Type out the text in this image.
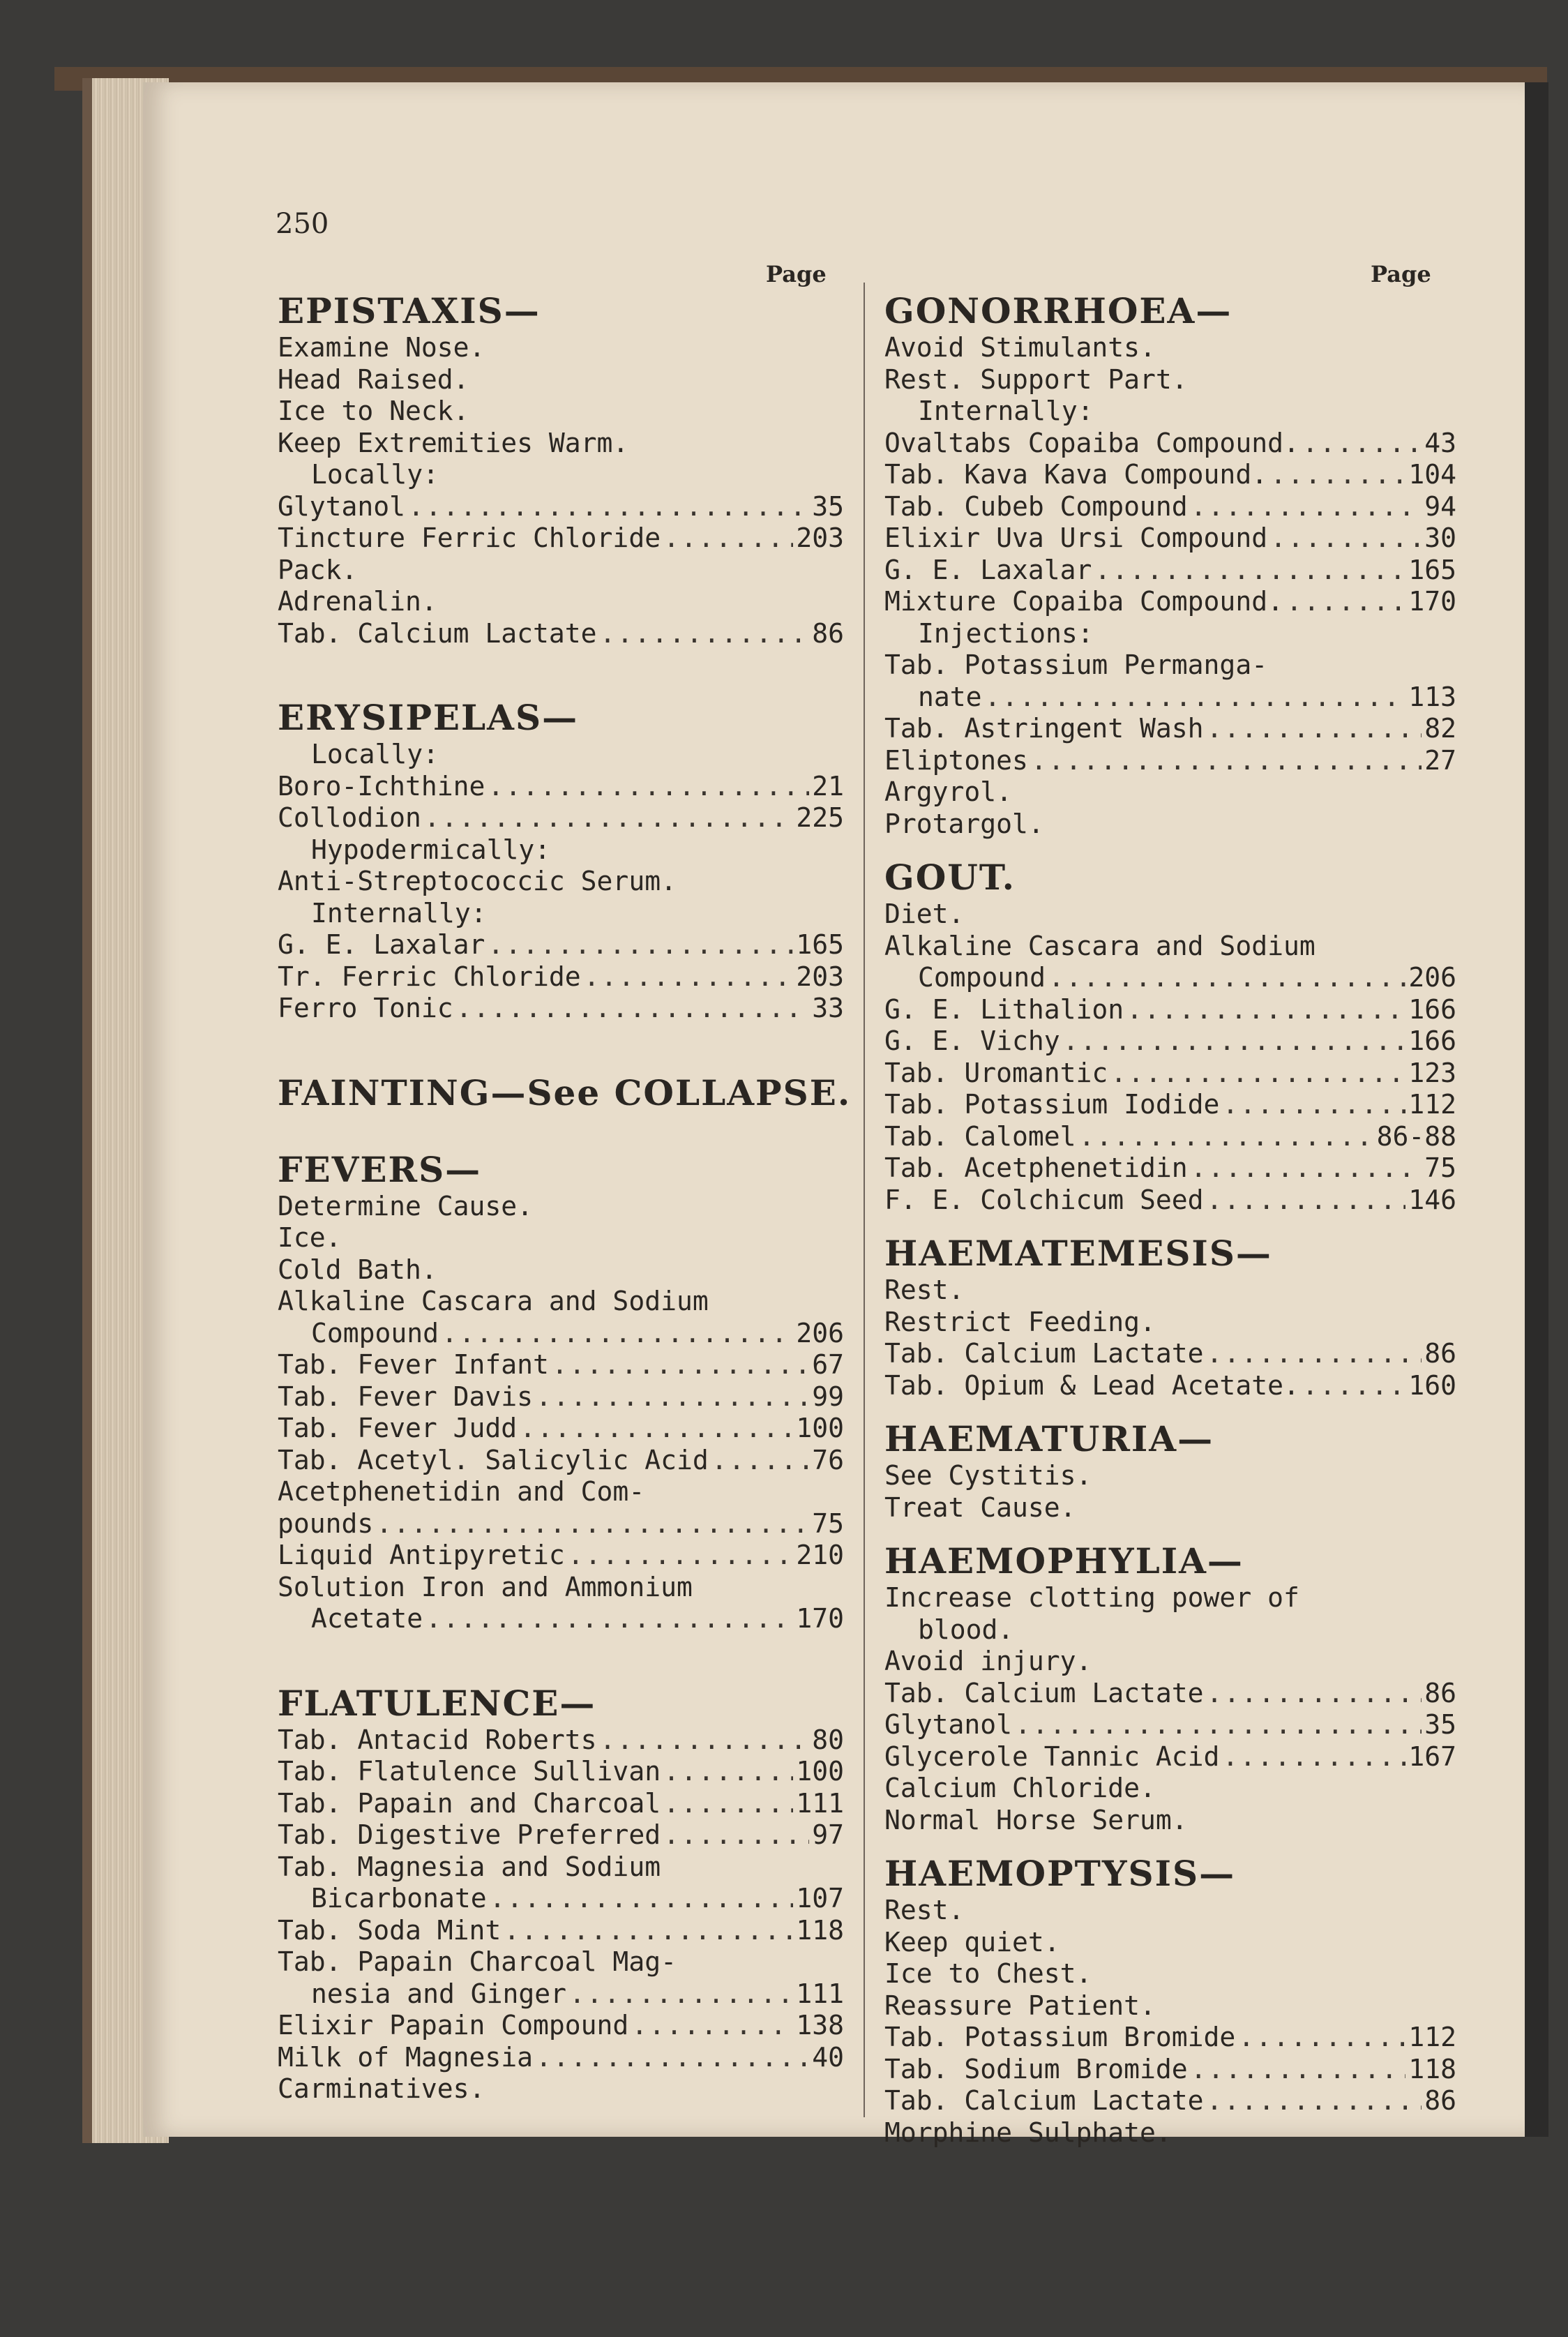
250
Page	Page
EPISTAXIS—
Examine Nose.
Head Raised.
Ice to Neck.
Keep Extremities Warm.
Locally:
Glytanol .....	35
Tincture Ferric Chloride .....	203
Pack.
Adrenalin.
Tab. Calcium Lactate .....	86
ERYSIPELAS—
Locally:
Boro-Ichthine .....	21
Collodion .....	225
Hypodermically:
Anti-Streptococcic Serum.
Internally:
G. E. Laxalar .....	165
Tr. Ferric Chloride .....	203
Ferro Tonic .....	33
FAINTING—See COLLAPSE.
FEVERS—
Determine Cause.
Ice.
Cold Bath.
Alkaline Cascara and Sodium
Compound .....	206
Tab. Fever Infant .....	67
Tab. Fever Davis .....	99
Tab. Fever Judd .....	100
Tab. Acetyl. Salicylic Acid .....	76
Acetphenetidin and Com-
pounds .....	75
Liquid Antipyretic .....	210
Solution Iron and Ammonium
Acetate .....	170
FLATULENCE—
Tab. Antacid Roberts .....	80
Tab. Flatulence Sullivan .....	100
Tab. Papain and Charcoal .....	111
Tab. Digestive Preferred .....	97
Tab. Magnesia and Sodium
Bicarbonate .....	107
Tab. Soda Mint .....	118
Tab. Papain Charcoal Mag-
nesia and Ginger .....	111
Elixir Papain Compound .....	138
Milk of Magnesia .....	40
Carminatives.
GONORRHOEA—
Avoid Stimulants.
Rest. Support Part.
Internally:
Ovaltabs Copaiba Compound. .....	43
Tab. Kava Kava Compound. .....	104
Tab. Cubeb Compound .....	94
Elixir Uva Ursi Compound .....	30
G. E. Laxalar .....	165
Mixture Copaiba Compound. .....	170
Injections:
Tab. Potassium Permanga-
nate .....	113
Tab. Astringent Wash .....	82
Eliptones .....	27
Argyrol.
Protargol.
GOUT.
Diet.
Alkaline Cascara and Sodium
Compound .....	206
G. E. Lithalion .....	166
G. E. Vichy .....	166
Tab. Uromantic .....	123
Tab. Potassium Iodide .....	112
Tab. Calomel .....	86-88
Tab. Acetphenetidin .....	75
F. E. Colchicum Seed .....	146
HAEMATEMESIS—
Rest.
Restrict Feeding.
Tab. Calcium Lactate .....	86
Tab. Opium & Lead Acetate. .....	160
HAEMATURIA—
See Cystitis.
Treat Cause.
HAEMOPHYLIA—
Increase clotting power of
blood.
Avoid injury.
Tab. Calcium Lactate .....	86
Glytanol .....	35
Glycerole Tannic Acid .....	167
Calcium Chloride.
Normal Horse Serum.
HAEMOPTYSIS—
Rest.
Keep quiet.
Ice to Chest.
Reassure Patient.
Tab. Potassium Bromide .....	112
Tab. Sodium Bromide .....	118
Tab. Calcium Lactate .....	86
Morphine Sulphate.
